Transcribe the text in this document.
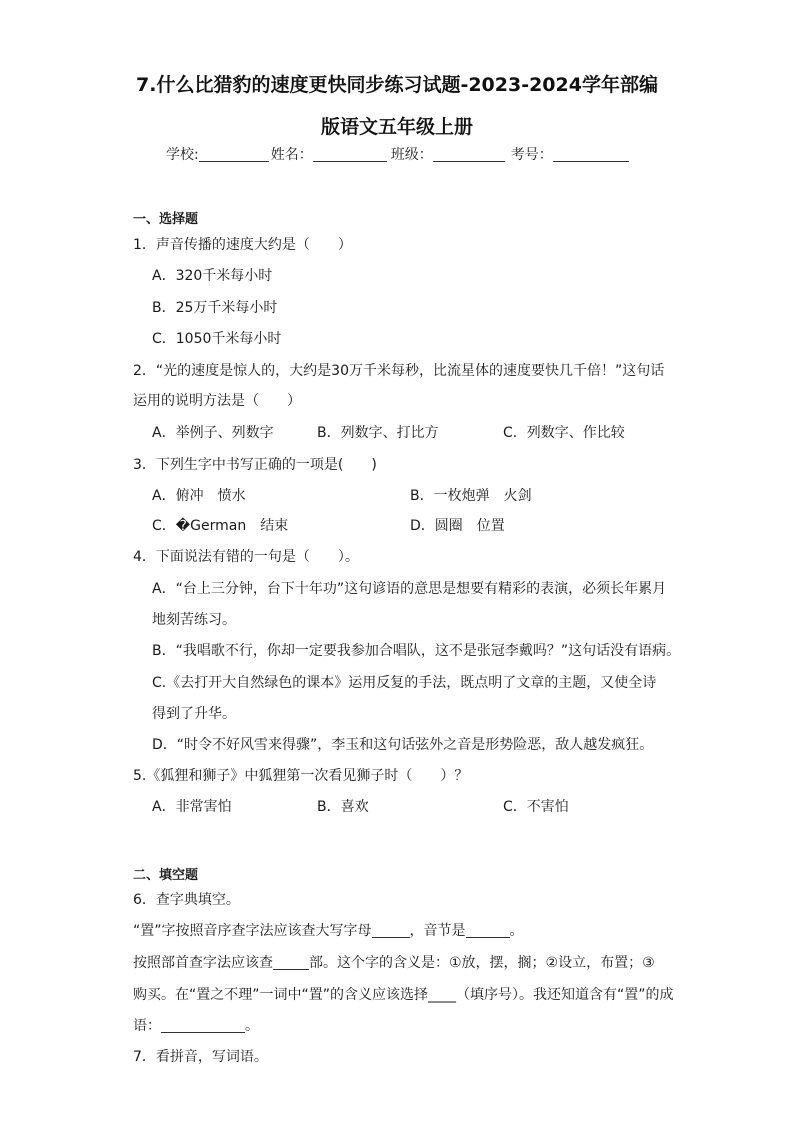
7.什么比猎豹的速度更快同步练习试题-2023-2024学年部编
版语文五年级上册
学校:	姓名：	班级：	考号：
一、选择题
1．声音传播的速度大约是（　　）
A．320千米每小时
B．25万千米每小时
C．1050千米每小时
2．“光的速度是惊人的，大约是30万千米每秒，比流星体的速度要快几千倍！”这句话
运用的说明方法是（　　）
A．举例子、列数字	B．列数字、打比方	C．列数字、作比较
3．下列生字中书写正确的一项是(　　)
A．俯冲　愤水	B．一枚炮弹　火剑
C．�German　结束	D．圆圈　位置
4．下面说法有错的一句是（　　）。
A．“台上三分钟，台下十年功”这句谚语的意思是想要有精彩的表演，必须长年累月
地刻苦练习。
B．“我唱歌不行，你却一定要我参加合唱队，这不是张冠李戴吗？”这句话没有语病。
C.《去打开大自然绿色的课本》运用反复的手法，既点明了文章的主题，又使全诗
得到了升华。
D．“时令不好风雪来得骤”，李玉和这句话弦外之音是形势险恶，敌人越发疯狂。
5.《狐狸和狮子》中狐狸第一次看见狮子时（　　）？
A．非常害怕	B．喜欢	C．不害怕
二、填空题
6．查字典填空。
“置”字按照音序查字法应该查大写字母	，音节是	。
按照部首查字法应该查	部。这个字的含义是：①放，摆，搁；②设立，布置；③
购买。在“置之不理”一词中“置”的含义应该选择____（填序号）。我还知道含有“置”的成
语：	。
7．看拼音，写词语。
